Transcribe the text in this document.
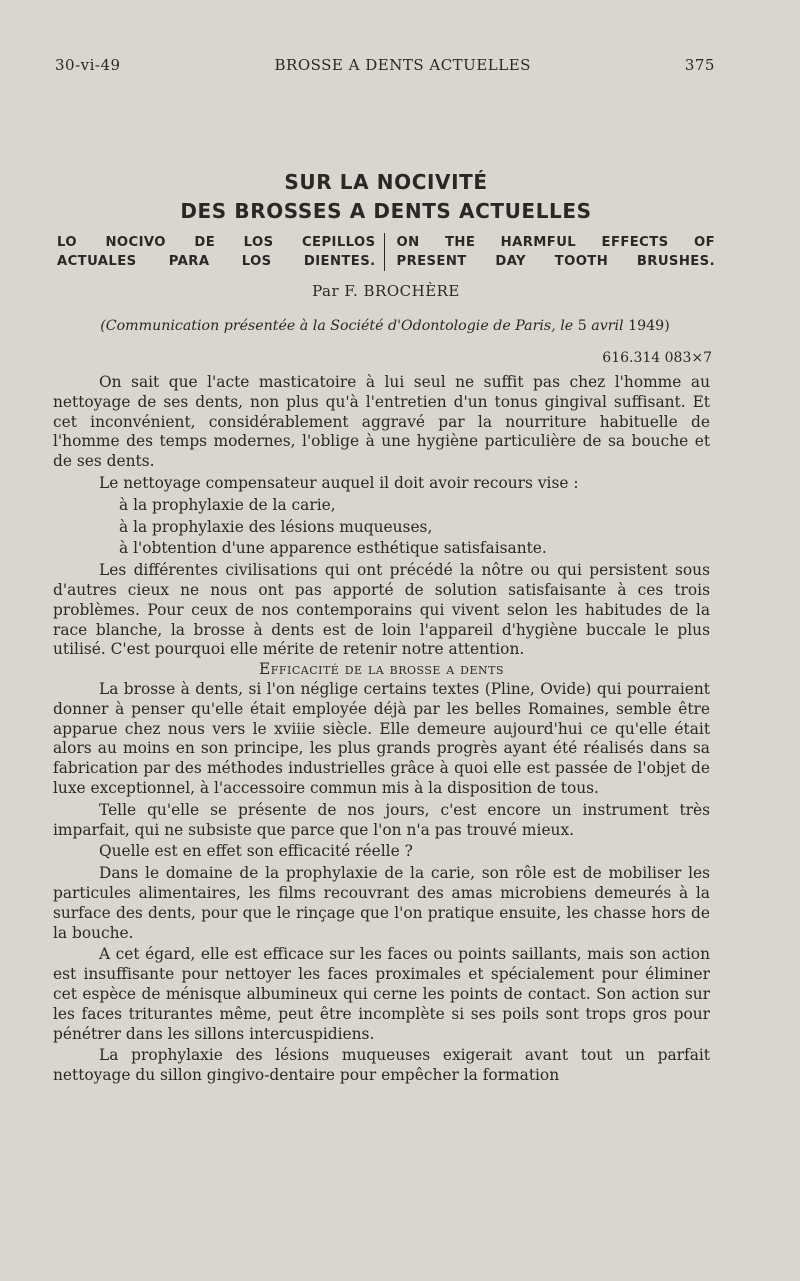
30-vi-49	BROSSE A DENTS ACTUELLES	375
SUR LA NOCIVITÉ
DES BROSSES A DENTS ACTUELLES
LO NOCIVO DE LOS CEPILLOS
ACTUALES PARA LOS DIENTES.
ON THE HARMFUL EFFECTS OF
PRESENT DAY TOOTH BRUSHES.
Par F. BROCHÈRE
(Communication présentée à la Société d'Odontologie de Paris, le 5 avril 1949)
616.314 083×7

On sait que l'acte masticatoire à lui seul ne suffit pas chez l'homme au nettoyage de ses dents, non plus qu'à l'entretien d'un tonus gingival suffisant. Et cet inconvénient, considérablement aggravé par la nourriture habituelle de l'homme des temps modernes, l'oblige à une hygiène particulière de sa bouche et de ses dents.

Le nettoyage compensateur auquel il doit avoir recours vise :

à la prophylaxie de la carie,

à la prophylaxie des lésions muqueuses,

à l'obtention d'une apparence esthétique satisfaisante.

Les différentes civilisations qui ont précédé la nôtre ou qui persistent sous d'autres cieux ne nous ont pas apporté de solution satisfaisante à ces trois problèmes. Pour ceux de nos contemporains qui vivent selon les habitudes de la race blanche, la brosse à dents est de loin l'appareil d'hygiène buccale le plus utilisé. C'est pourquoi elle mérite de retenir notre attention.

Efficacité de la brosse a dents

La brosse à dents, si l'on néglige certains textes (Pline, Ovide) qui pourraient donner à penser qu'elle était employée déjà par les belles Romaines, semble être apparue chez nous vers le xviiie siècle. Elle demeure aujourd'hui ce qu'elle était alors au moins en son principe, les plus grands progrès ayant été réalisés dans sa fabrication par des méthodes industrielles grâce à quoi elle est passée de l'objet de luxe exceptionnel, à l'accessoire commun mis à la disposition de tous.

Telle qu'elle se présente de nos jours, c'est encore un instrument très imparfait, qui ne subsiste que parce que l'on n'a pas trouvé mieux.

Quelle est en effet son efficacité réelle ?

Dans le domaine de la prophylaxie de la carie, son rôle est de mobiliser les particules alimentaires, les films recouvrant des amas microbiens demeurés à la surface des dents, pour que le rinçage que l'on pratique ensuite, les chasse hors de la bouche.

A cet égard, elle est efficace sur les faces ou points saillants, mais son action est insuffisante pour nettoyer les faces proximales et spécialement pour éliminer cet espèce de ménisque albumineux qui cerne les points de contact. Son action sur les faces triturantes même, peut être incomplète si ses poils sont trops gros pour pénétrer dans les sillons intercuspidiens.

La prophylaxie des lésions muqueuses exigerait avant tout un parfait nettoyage du sillon gingivo-dentaire pour empêcher la formation
